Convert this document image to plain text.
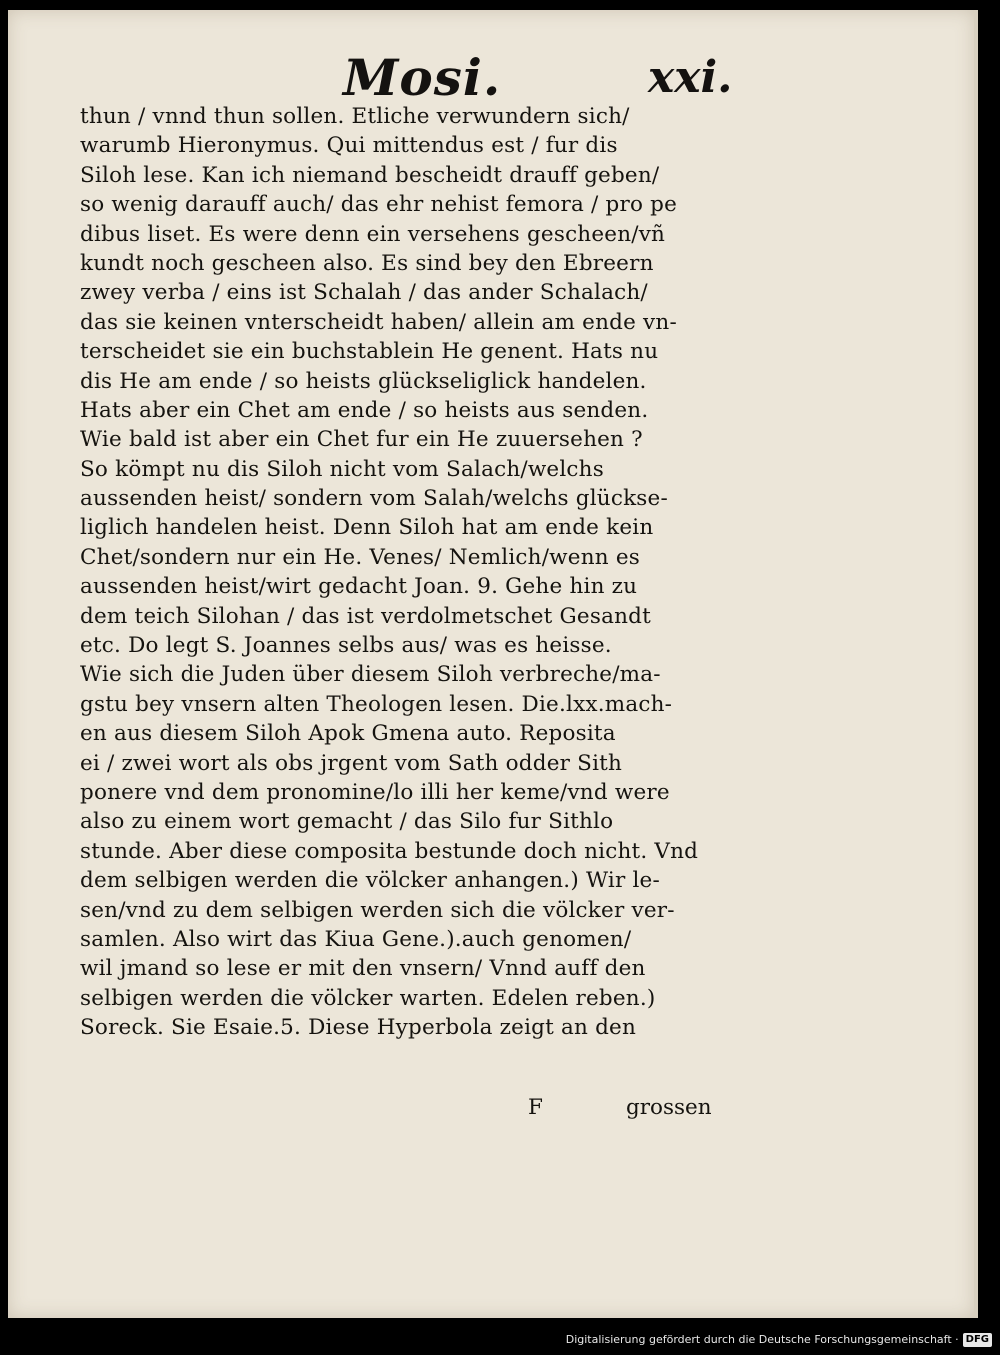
Mosi.	xxi.
thun / vnnd thun sollen. Etliche verwundern sich/
warumb Hieronymus. Qui mittendus est / fur dis
Siloh lese. Kan ich niemand bescheidt drauff geben/
so wenig darauff auch/ das ehr nehist femora / pro pe
dibus liset. Es were denn ein versehens gescheen/vñ
kundt noch gescheen also. Es sind bey den Ebreern
zwey verba / eins ist Schalah / das ander Schalach/
das sie keinen vnterscheidt haben/ allein am ende vn-
terscheidet sie ein buchstablein He genent. Hats nu
dis He am ende / so heists glückseliglick handelen.
Hats aber ein Chet am ende / so heists aus senden.
Wie bald ist aber ein Chet fur ein He zuuersehen ?
So kömpt nu dis Siloh nicht vom Salach/welchs
aussenden heist/ sondern vom Salah/welchs glückse-
liglich handelen heist. Denn Siloh hat am ende kein
Chet/sondern nur ein He. Venes/ Nemlich/wenn es
aussenden heist/wirt gedacht Joan. 9. Gehe hin zu
dem teich Silohan / das ist verdolmetschet Gesandt
etc. Do legt S. Joannes selbs aus/ was es heisse.
Wie sich die Juden über diesem Siloh verbreche/ma-
gstu bey vnsern alten Theologen lesen. Die.lxx.mach-
en aus diesem Siloh Apok Gmena auto. Reposita
ei / zwei wort als obs jrgent vom Sath odder Sith
ponere vnd dem pronomine/lo illi her keme/vnd were
also zu einem wort gemacht / das Silo fur Sithlo
stunde. Aber diese composita bestunde doch nicht. Vnd
dem selbigen werden die völcker anhangen.) Wir le-
sen/vnd zu dem selbigen werden sich die völcker ver-
samlen. Also wirt das Kiua Gene.).auch genomen/
wil jmand so lese er mit den vnsern/ Vnnd auff den
selbigen werden die völcker warten. Edelen reben.)
Soreck. Sie Esaie.5. Diese Hyperbola zeigt an den
F	grossen
Digitalisierung gefördert durch die Deutsche Forschungsgemeinschaft · DFG
